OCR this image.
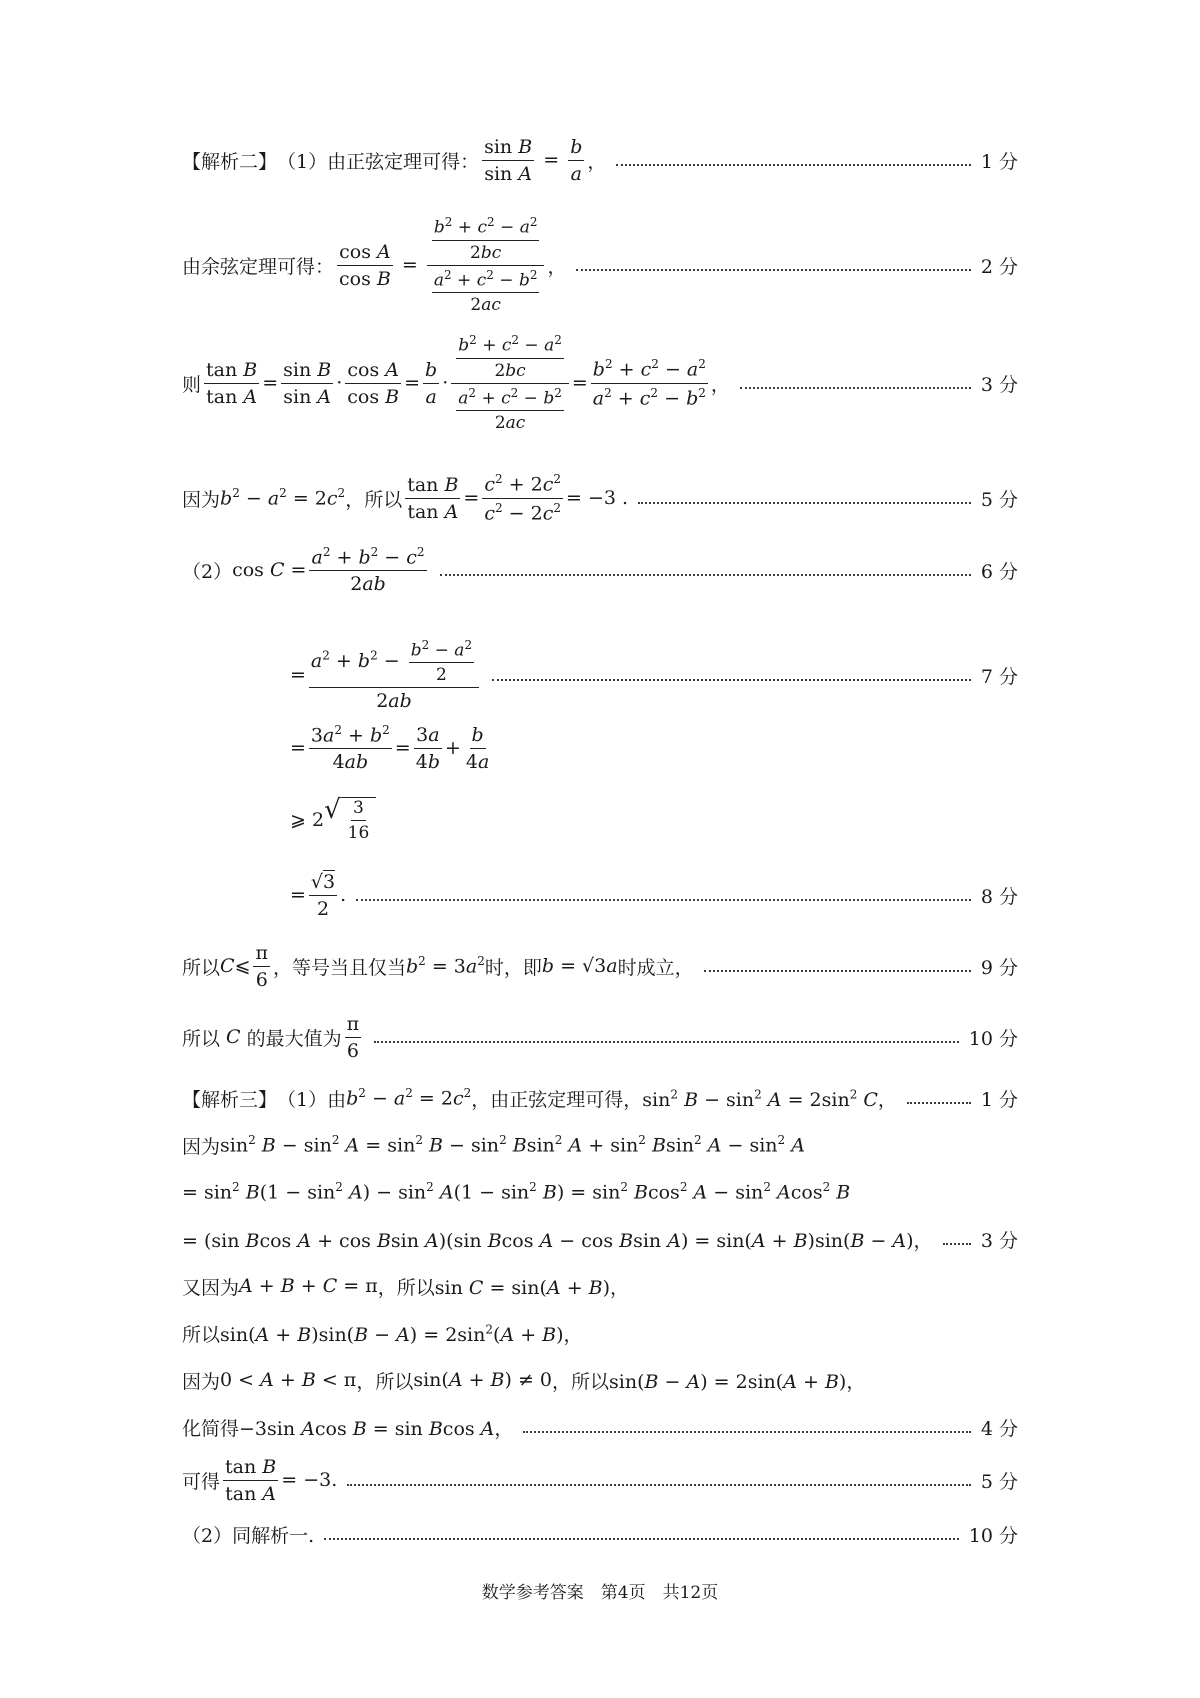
【解析二】 （1）由正弦定理可得： $\frac{\text{sin B}}{\text{sin A}} = \frac{b}{a}$ ，	1 分
由余弦定理可得： $\frac{\text{cos A}}{\text{cos B}} = \frac{\frac{b^2 + c^2 - a^2}{2bc}}{\frac{a^2 + c^2 - b^2}{2ac}}$ ，	2 分
则 $\frac{\text{tan B}}{\text{tan A}} = \frac{\text{sin B}}{\text{sin A}} \cdot \frac{\text{cos A}}{\text{cos B}} = \frac{b}{a} \cdot \frac{\frac{b^2 + c^2 - a^2}{2bc}}{\frac{a^2 + c^2 - b^2}{2ac}} = \frac{b^2 + c^2 - a^2}{a^2 + c^2 - b^2}$ ，	3 分
因为 $b^2 - a^2 = 2c^2$ ，所以 $\frac{\text{tan B}}{\text{tan A}} = \frac{c^2 + 2c^2}{c^2 - 2c^2} = -3$ .	5 分
（2） $\cos C = \frac{a^2 + b^2 - c^2}{2ab}$	6 分
= $\frac{a^2 + b^2 - \frac{b^2 - a^2}{2}}{2ab}$	7 分
= $\frac{3a^2 + b^2}{4ab} = \frac{3a}{4b} + \frac{b}{4a}$
⩾ 2 √ $\frac{3}{16}$
= $\frac{√3}{2}$ .	8 分
所以 C ⩽ $\frac{\pi}{6}$ ，等号当且仅当 $b^2 = 3a^2$ 时，即 b = √3a 时成立，	9 分
所以 C 的最大值为 $\frac{\pi}{6}$	10 分
【解析三】 （1）由 $b^2 - a^2 = 2c^2$ ，由正弦定理可得， $\sin^2 B - \sin^2 A = 2\sin^2$ C，	1 分
因为 $\sin^2 B - \sin^2 A = \sin^2 B - \sin^2 Bsin^2$ $A + \sin^2 Bsin^2$ $A - \sin^2 A$
= $\sin^2 B(1 - \sin^2 A) - \sin^2 A(1 - \sin^2 B) = \sin^2 Bcos^2$ $A - \sin^2 Acos^2$ B
= (sin Bcos A + cos Bsin A)(sin Bcos A − cos Bsin A) = sin(A + B)sin(B − A)，	3 分
又因为 A + B + C = π ，所以 sin C = sin(A + B)，
所以 $\sin(A + B)\sin(B - A) = 2\sin^2(A + B)$，
因为 0 < A + B < π ，所以 sin(A + B) ≠ 0 ，所以 sin(B − A) = 2sin(A + B)，
化简得 −3sin Acos B = sin Bcos A，	4 分
可得 $\frac{\text{tan B}}{\text{tan A}} = -3$.	5 分
（2）同解析一.	10 分
数学参考答案　第4页　共12页
